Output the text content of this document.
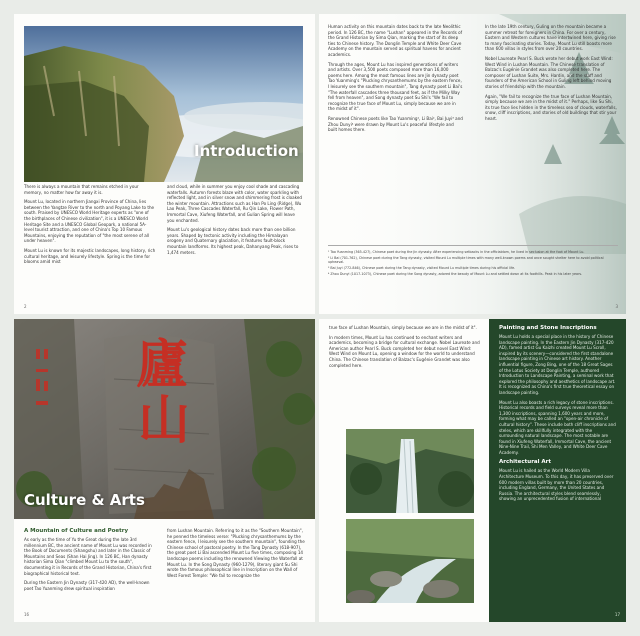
Introduction

There is always a mountain that remains etched in your memory, no matter how far away it is.

Mount Lu, located in northern Jiangxi Province of China, lies between the Yangtze River to the north and Poyang Lake to the south. Praised by UNESCO World Heritage experts as "one of the birthplaces of Chinese civilization", it is a UNESCO World Heritage Site and a UNESCO Global Geopark, a national 5A-level tourist attraction, and one of China's Top 10 Famous Mountains, enjoying the reputation of "the most serene of all under heaven".

Mount Lu is known for its majestic landscapes, long history, rich cultural heritage, and leisurely lifestyle. Spring is the time for blooms amid mist

and cloud, while in summer you enjoy cool shade and cascading waterfalls. Autumn forests blaze with color, water sparkling with reflected light, and in silver snow and shimmering frost is cloaked the winter mountain. Attractions such as Han Po Ling (Ridge), Wu Lao Peak, Three Cascades Waterfall, Ru Qin Lake, Flower Path, Immortal Cave, Xiufeng Waterfall, and Gulian Spring will leave you enchanted.

Mount Lu's geological history dates back more than one billion years. Shaped by tectonic activity including the Himalayan orogeny and Quaternary glaciation, it features fault-block mountain landforms. Its highest peak, Dahanyang Peak, rises to 1,474 meters.

2

Human activity on this mountain dates back to the late Neolithic period. In 126 BC, the name "Lushan" appeared in the Records of the Grand Historian by Sima Qian, marking the start of its deep ties to Chinese history. The Donglin Temple and White Deer Cave Academy on the mountain served as spiritual havens for ancient academics.

Through the ages, Mount Lu has inspired generations of writers and artists. Over 3,500 poets composed more than 16,000 poems here. Among the most famous lines are Jin dynasty poet Tao Yuanming's "Plucking chrysanthemums by the eastern fence, I leisurely see the southern mountain", Tang dynasty poet Li Bai's "The waterfall cascades three thousand feet, as if the Milky Way fell from heaven", and Song dynasty poet Su Shi's "We fail to recognize the true face of Mount Lu, simply because we are in the midst of it".

Renowned Chinese poets like Tao Yuanming¹, Li Bai², Bai Juyi³ and Zhou Dunyi⁴ were drawn by Mount Lu's peaceful lifestyle and built homes there.

In the late 19th century, Guling on the mountain became a summer retreat for foreigners in China. For over a century, Eastern and Western cultures have intertwined here, giving rise to many fascinating stories. Today, Mount Lu still boasts more than 600 villas in styles from over 20 countries.

Nobel Laureate Pearl S. Buck wrote her debut work East Wind: West Wind in Lushan Mountain. The Chinese translation of Balzac's Eugénie Grandet was also completed here. The composer of Lushan Suite, Mrs. Hardin, and the staff and founders of the American School in Guling left behind moving stories of friendship with the mountain.

Again, "We fail to recognize the true face of Lushan Mountain, simply because we are in the midst of it." Perhaps, like Su Shi, its true face lies hidden in the timeless sea of clouds, waterfalls, snow, cliff inscriptions, and stories of old buildings that stir your heart.

¹ Tao Yuanming (365-427), Chinese poet during the Jin dynasty. After experiencing setbacks in the officialdom, he lived in seclusion at the foot of Mount Lu.

² Li Bai (701-762), Chinese poet during the Tang dynasty, visited Mount Lu multiple times with many well-known poems and once sought shelter here to avoid political upheaval.

³ Bai Juyi (772-846), Chinese poet during the Tang dynasty, visited Mount Lu multiple times during his official life.

⁴ Zhou Dunyi (1017-1073), Chinese poet during the Song dynasty, adored the beauty of Mount Lu and settled down at its foothills. Peak in his later years.

3
廬
山
Culture & Arts
A Mountain of Culture and Poetry

As early as the time of Yu the Great during the late 3rd millennium BC, the ancient name of Mount Lu was recorded in the Book of Documents (Shangshu) and later in the Classic of Mountains and Seas (Shan Hai Jing). In 126 BC, Han dynasty historian Sima Qian "climbed Mount Lu to the south", documenting it in Records of the Grand Historian, China's first biographical historical text.

During the Eastern Jin Dynasty (317-420 AD), the well-known poet Tao Yuanming drew spiritual inspiration

from Lushan Mountain. Referring to it as the "Southern Mountain", he penned the timeless verse: "Plucking chrysanthemums by the eastern fence, I leisurely see the southern mountain", founding the Chinese school of pastoral poetry. In the Tang Dynasty (618-907), the great poet Li Bai ascended Mount Lu five times, composing 14 landscape poems including the renowned Viewing the Waterfall at Mount Lu. In the Song Dynasty (960-1279), literary giant Su Shi wrote the famous philosophical line in Inscription on the Wall of West Forest Temple: "We fail to recognize the

16

true face of Lushan Mountain, simply because we are in the midst of it".

In modern times, Mount Lu has continued to enchant writers and academics, becoming a bridge for cultural exchange. Nobel Laureate and American author Pearl S. Buck completed her debut novel East Wind: West Wind on Mount Lu, opening a window for the world to understand China. The Chinese translation of Balzac's Eugénie Grandet was also completed here.

Painting and Stone Inscriptions

Mount Lu holds a special place in the history of Chinese landscape painting. In the Eastern Jin Dynasty (317-420 AD), famed artist Gu Kaizhi created Mount Lu Scroll, inspired by its scenery—considered the first standalone landscape painting in Chinese art history. Another influential figure, Zong Bing, one of the 18 Great Sages of the Lotus Society at Donglin Temple, authored Introduction to Landscape Painting, a seminal work that explored the philosophy and aesthetics of landscape art. It is recognized as China's first true theoretical essay on landscape painting.

Mount Lu also boasts a rich legacy of stone inscriptions. Historical records and field surveys reveal more than 1,300 inscriptions, spanning 1,600 years and more, forming what may be called an "open-air chronicle of cultural history". These include both cliff inscriptions and steles, which are skillfully integrated with the surrounding natural landscape. The most notable are found in Xiufeng Waterfall, Immortal Cave, the ancient Nine-Nine Trail, Shi Men Valley, and White Deer Cave Academy.

Architectural Art

Mount Lu is hailed as the World Modern Villa Architecture Museum. To this day, it has preserved over 600 modern villas built by more than 20 countries, including England, Germany, the United States and Russia. The architectural styles blend seamlessly, showing an unprecedented fusion of international

17
